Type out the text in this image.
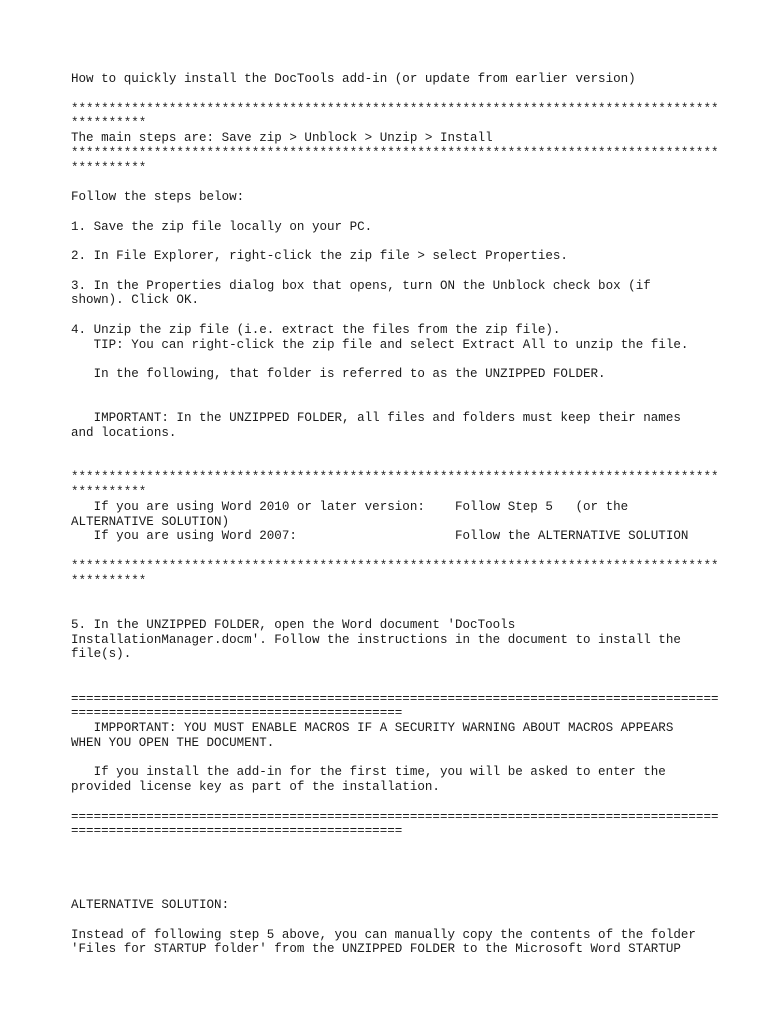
How to quickly install the DocTools add-in (or update from earlier version)
**************************************************************************************
**********
The main steps are: Save zip > Unblock > Unzip > Install
**************************************************************************************
**********
Follow the steps below:
1. Save the zip file locally on your PC.
2. In File Explorer, right-click the zip file > select Properties.
3. In the Properties dialog box that opens, turn ON the Unblock check box (if
shown). Click OK.
4. Unzip the zip file (i.e. extract the files from the zip file).
TIP: You can right-click the zip file and select Extract All to unzip the file.
In the following, that folder is referred to as the UNZIPPED FOLDER.
IMPORTANT: In the UNZIPPED FOLDER, all files and folders must keep their names
and locations.
**************************************************************************************
**********
If you are using Word 2010 or later version:    Follow Step 5   (or the
ALTERNATIVE SOLUTION)
If you are using Word 2007:                     Follow the ALTERNATIVE SOLUTION
**************************************************************************************
**********
5. In the UNZIPPED FOLDER, open the Word document 'DocTools
InstallationManager.docm'. Follow the instructions in the document to install the
file(s).
======================================================================================
============================================
IMPPORTANT: YOU MUST ENABLE MACROS IF A SECURITY WARNING ABOUT MACROS APPEARS
WHEN YOU OPEN THE DOCUMENT.
If you install the add-in for the first time, you will be asked to enter the
provided license key as part of the installation.
======================================================================================
============================================
ALTERNATIVE SOLUTION:
Instead of following step 5 above, you can manually copy the contents of the folder
'Files for STARTUP folder' from the UNZIPPED FOLDER to the Microsoft Word STARTUP
